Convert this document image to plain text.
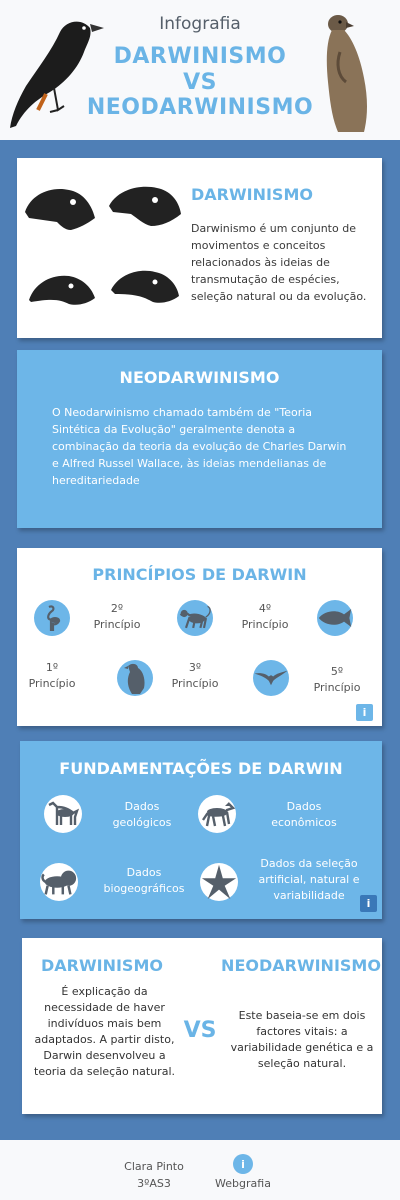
Infografia
DARWINISMO
VS
NEODARWINISMO
DARWINISMO
Darwinismo é um conjunto de movimentos e conceitos relacionados às ideias de transmutação de espécies, seleção natural ou da evolução.
NEODARWINISMO
O Neodarwinismo chamado também de "Teoria Sintética da Evolução" geralmente denota a combinação da teoria da evolução de Charles Darwin e Alfred Russel Wallace, às ideias mendelianas de hereditariedade
PRINCÍPIOS DE DARWIN
2º Princípio
4º Princípio
1º Princípio
3º Princípio
5º Princípio
i
FUNDAMENTAÇÕES DE DARWIN
Dados geológicos
Dados econômicos
Dados biogeográficos
Dados da seleção artificial, natural e variabilidade
i
DARWINISMO
É explicação da necessidade de haver indivíduos mais bem adaptados. A partir disto, Darwin desenvolveu a teoria da seleção natural.
VS
NEODARWINISMO
Este baseia-se em dois factores vitais: a variabilidade genética e a seleção natural.
Clara Pinto
3ºAS3
i
Webgrafia
